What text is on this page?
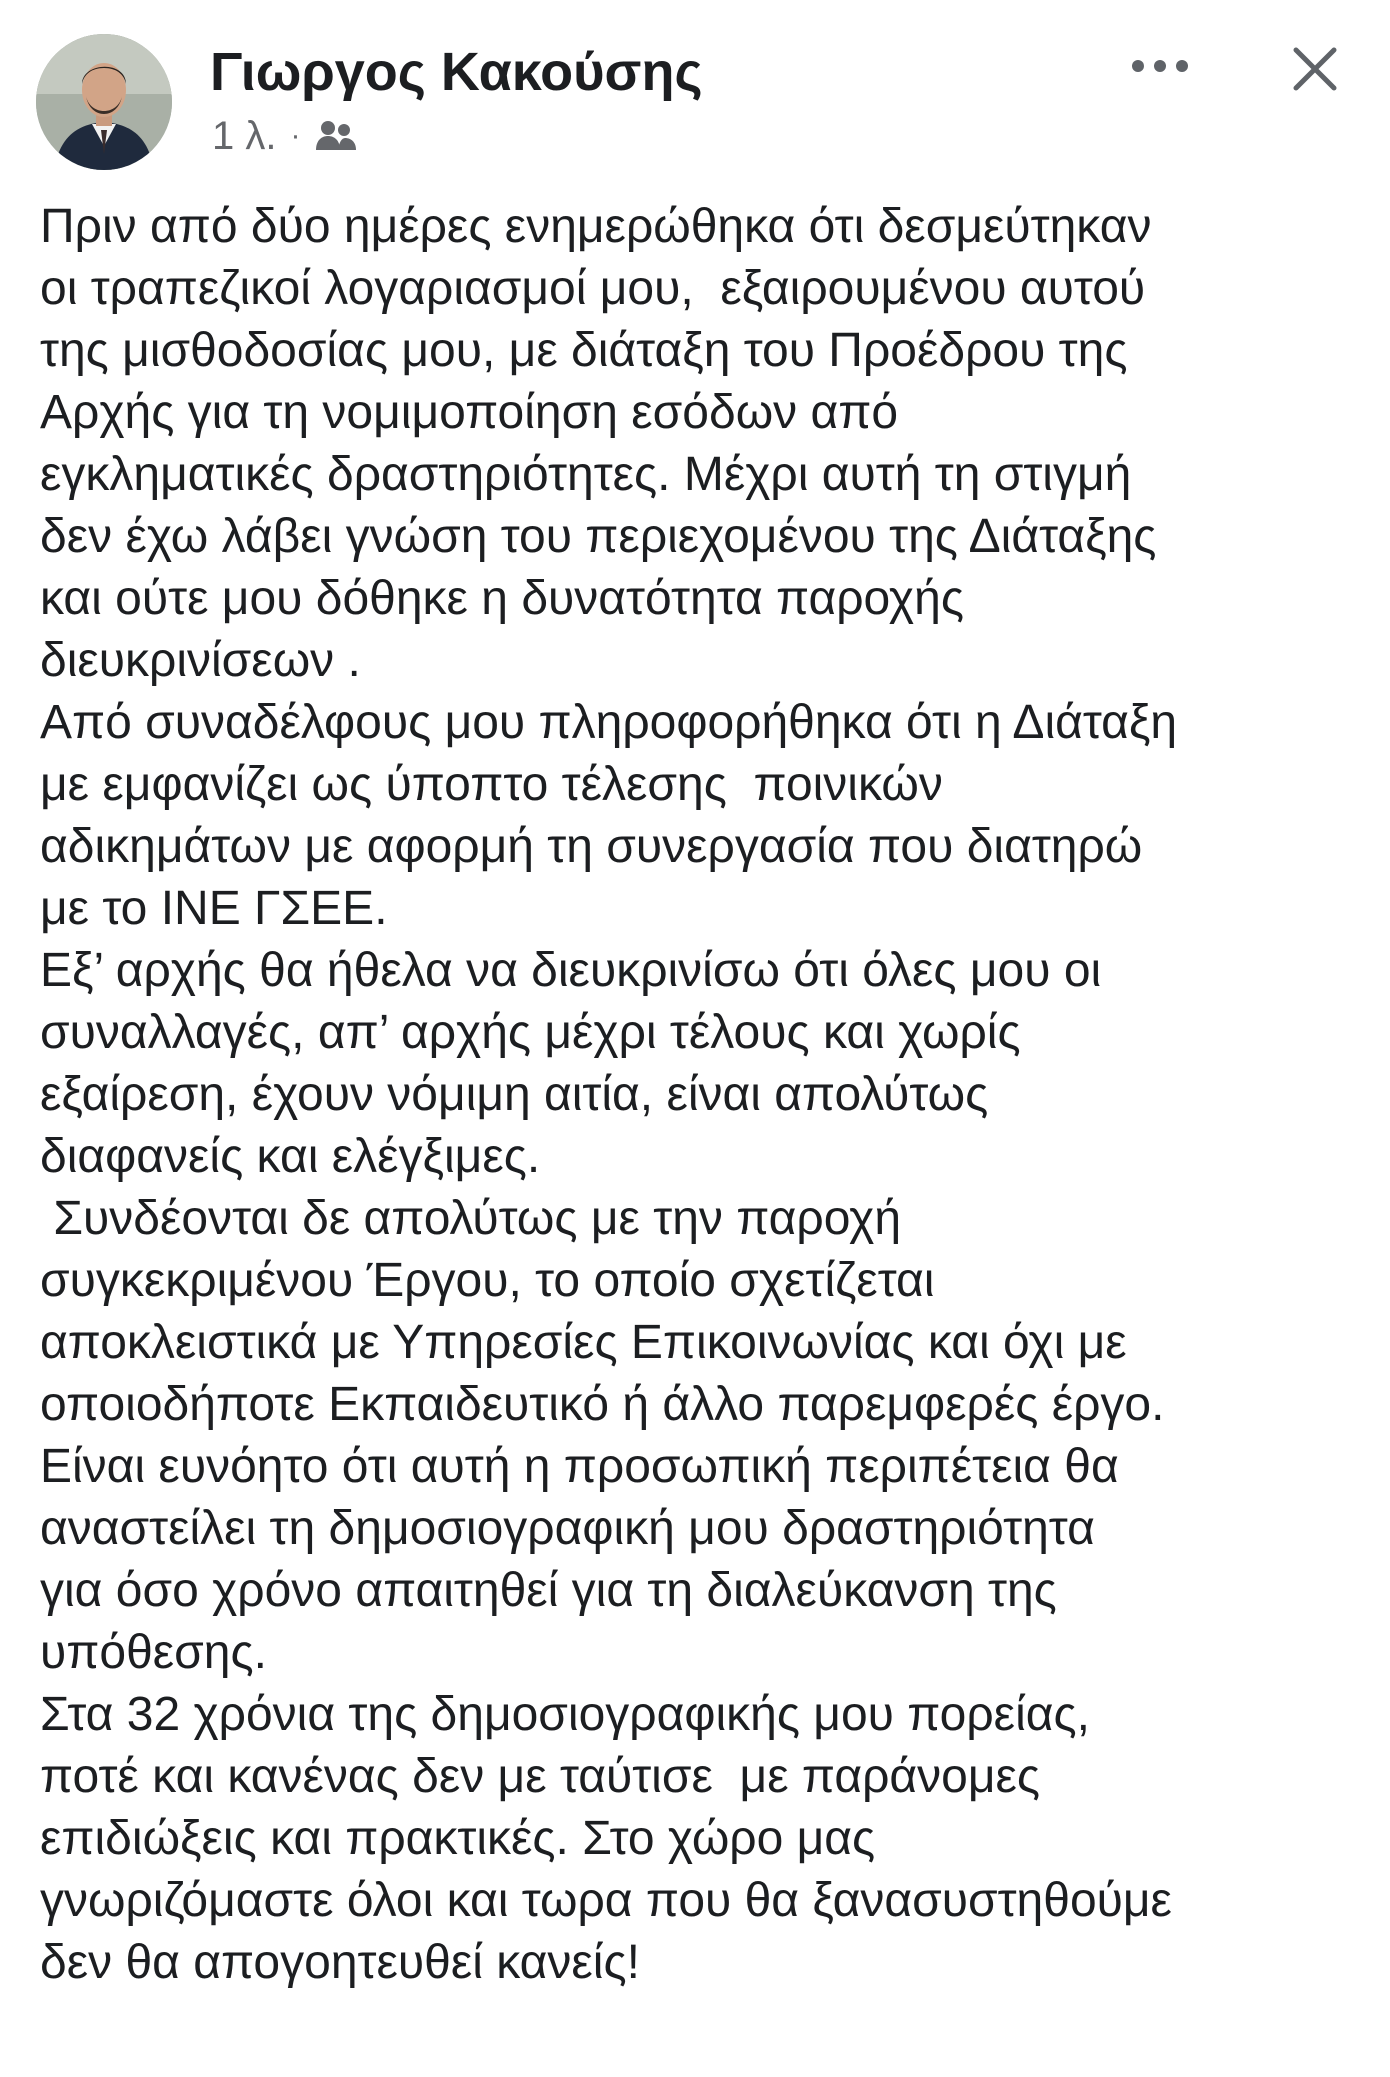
Γιωργος Κακούσης
1 λ. ·
Πριν από δύο ημέρες ενημερώθηκα ότι δεσμεύτηκαν
οι τραπεζικοί λογαριασμοί μου,  εξαιρουμένου αυτού
της μισθοδοσίας μου, με διάταξη του Προέδρου της
Αρχής για τη νομιμοποίηση εσόδων από
εγκληματικές δραστηριότητες. Μέχρι αυτή τη στιγμή
δεν έχω λάβει γνώση του περιεχομένου της Διάταξης
και ούτε μου δόθηκε η δυνατότητα παροχής
διευκρινίσεων .
Από συναδέλφους μου πληροφορήθηκα ότι η Διάταξη
με εμφανίζει ως ύποπτο τέλεσης  ποινικών
αδικημάτων με αφορμή τη συνεργασία που διατηρώ
με το ΙΝΕ ΓΣΕΕ.
Εξ’ αρχής θα ήθελα να διευκρινίσω ότι όλες μου οι
συναλλαγές, απ’ αρχής μέχρι τέλους και χωρίς
εξαίρεση, έχουν νόμιμη αιτία, είναι απολύτως
διαφανείς και ελέγξιμες.
Συνδέονται δε απολύτως με την παροχή
συγκεκριμένου Έργου, το οποίο σχετίζεται
αποκλειστικά με Υπηρεσίες Επικοινωνίας και όχι με
οποιοδήποτε Εκπαιδευτικό ή άλλο παρεμφερές έργο.
Είναι ευνόητο ότι αυτή η προσωπική περιπέτεια θα
αναστείλει τη δημοσιογραφική μου δραστηριότητα
για όσο χρόνο απαιτηθεί για τη διαλεύκανση της
υπόθεσης.
Στα 32 χρόνια της δημοσιογραφικής μου πορείας,
ποτέ και κανένας δεν με ταύτισε  με παράνομες
επιδιώξεις και πρακτικές. Στο χώρο μας
γνωριζόμαστε όλοι και τωρα που θα ξανασυστηθούμε
δεν θα απογοητευθεί κανείς!
